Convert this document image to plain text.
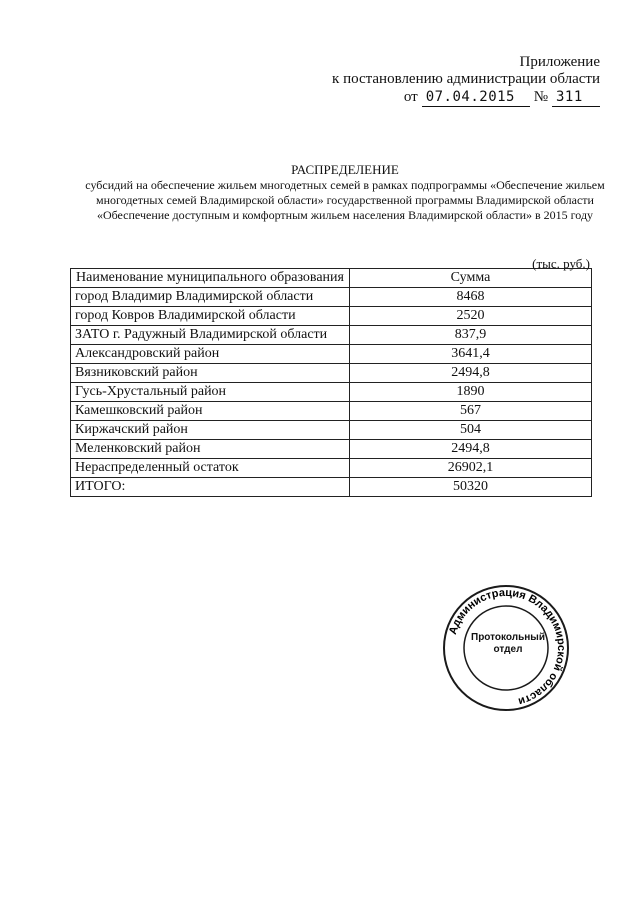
Приложение
к постановлению администрации области
от 07.04.2015	№ 311
РАСПРЕДЕЛЕНИЕ
субсидий на обеспечение жильем многодетных семей в рамках подпрограммы «Обеспечение жильем многодетных семей Владимирской области» государственной программы Владимирской области «Обеспечение доступным и комфортным жильем населения Владимирской области» в 2015 году
(тыс. руб.)
Наименование муниципального образования	Сумма
город Владимир Владимирской области	8468
город Ковров Владимирской области	2520
ЗАТО г. Радужный Владимирской области	837,9
Александровский район	3641,4
Вязниковский район	2494,8
Гусь-Хрустальный район	1890
Камешковский район	567
Киржачский район	504
Меленковский район	2494,8
Нераспределенный остаток	26902,1
ИТОГО:	50320
Администрация Владимирской области
Протокольный
отдел
